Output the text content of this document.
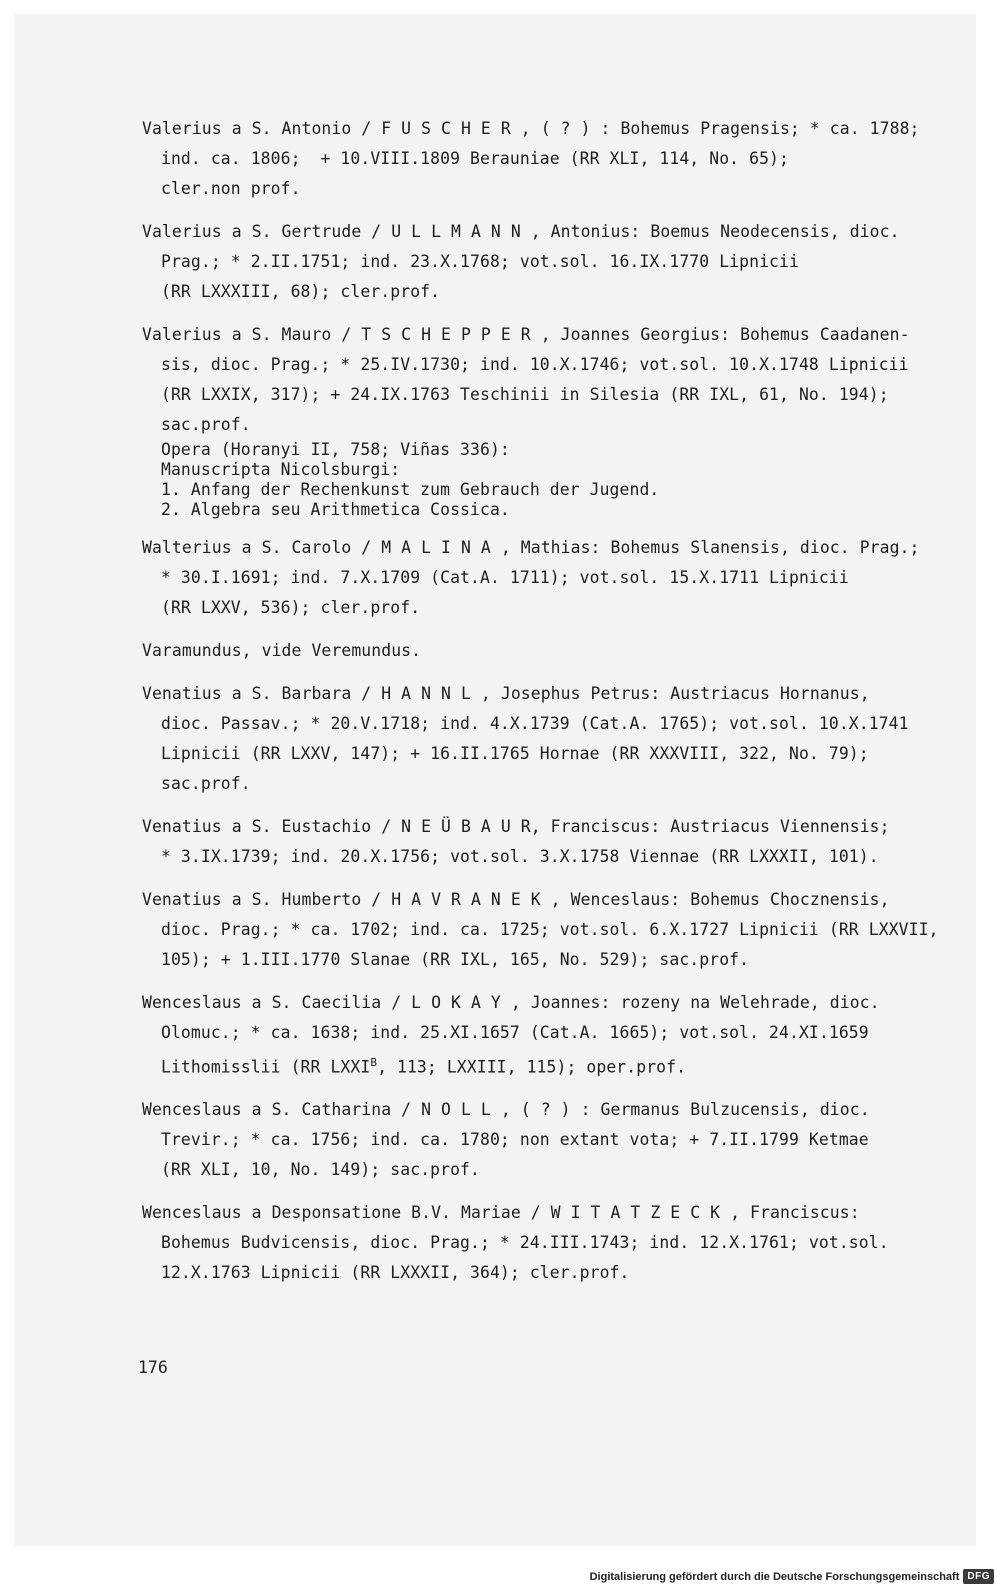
Valerius a S. Antonio / F U S C H E R , ( ? ) : Bohemus Pragensis; * ca. 1788;
ind. ca. 1806;  + 10.VIII.1809 Berauniae (RR XLI, 114, No. 65);
cler.non prof.
Valerius a S. Gertrude / U L L M A N N , Antonius: Boemus Neodecensis, dioc.
Prag.; * 2.II.1751; ind. 23.X.1768; vot.sol. 16.IX.1770 Lipnicii
(RR LXXXIII, 68); cler.prof.
Valerius a S. Mauro / T S C H E P P E R , Joannes Georgius: Bohemus Caadanen-
sis, dioc. Prag.; * 25.IV.1730; ind. 10.X.1746; vot.sol. 10.X.1748 Lipnicii
(RR LXXIX, 317); + 24.IX.1763 Teschinii in Silesia (RR IXL, 61, No. 194);
sac.prof.
Opera (Horanyi II, 758; Viñas 336):
Manuscripta Nicolsburgi:
1. Anfang der Rechenkunst zum Gebrauch der Jugend.
2. Algebra seu Arithmetica Cossica.
Walterius a S. Carolo / M A L I N A , Mathias: Bohemus Slanensis, dioc. Prag.;
* 30.I.1691; ind. 7.X.1709 (Cat.A. 1711); vot.sol. 15.X.1711 Lipnicii
(RR LXXV, 536); cler.prof.
Varamundus, vide Veremundus.
Venatius a S. Barbara / H A N N L , Josephus Petrus: Austriacus Hornanus,
dioc. Passav.; * 20.V.1718; ind. 4.X.1739 (Cat.A. 1765); vot.sol. 10.X.1741
Lipnicii (RR LXXV, 147); + 16.II.1765 Hornae (RR XXXVIII, 322, No. 79);
sac.prof.
Venatius a S. Eustachio / N E Ü B A U R, Franciscus: Austriacus Viennensis;
* 3.IX.1739; ind. 20.X.1756; vot.sol. 3.X.1758 Viennae (RR LXXXII, 101).
Venatius a S. Humberto / H A V R A N E K , Wenceslaus: Bohemus Chocznensis,
dioc. Prag.; * ca. 1702; ind. ca. 1725; vot.sol. 6.X.1727 Lipnicii (RR LXXVII,
105); + 1.III.1770 Slanae (RR IXL, 165, No. 529); sac.prof.
Wenceslaus a S. Caecilia / L O K A Y , Joannes: rozeny na Welehrade, dioc.
Olomuc.; * ca. 1638; ind. 25.XI.1657 (Cat.A. 1665); vot.sol. 24.XI.1659
Lithomisslii (RR $LXXI^B$, 113; LXXIII, 115); oper.prof.
Wenceslaus a S. Catharina / N O L L , ( ? ) : Germanus Bulzucensis, dioc.
Trevir.; * ca. 1756; ind. ca. 1780; non extant vota; + 7.II.1799 Ketmae
(RR XLI, 10, No. 149); sac.prof.
Wenceslaus a Desponsatione B.V. Mariae / W I T A T Z E C K , Franciscus:
Bohemus Budvicensis, dioc. Prag.; * 24.III.1743; ind. 12.X.1761; vot.sol.
12.X.1763 Lipnicii (RR LXXXII, 364); cler.prof.
176
Digitalisierung gefördert durch die Deutsche Forschungsgemeinschaft DFG
